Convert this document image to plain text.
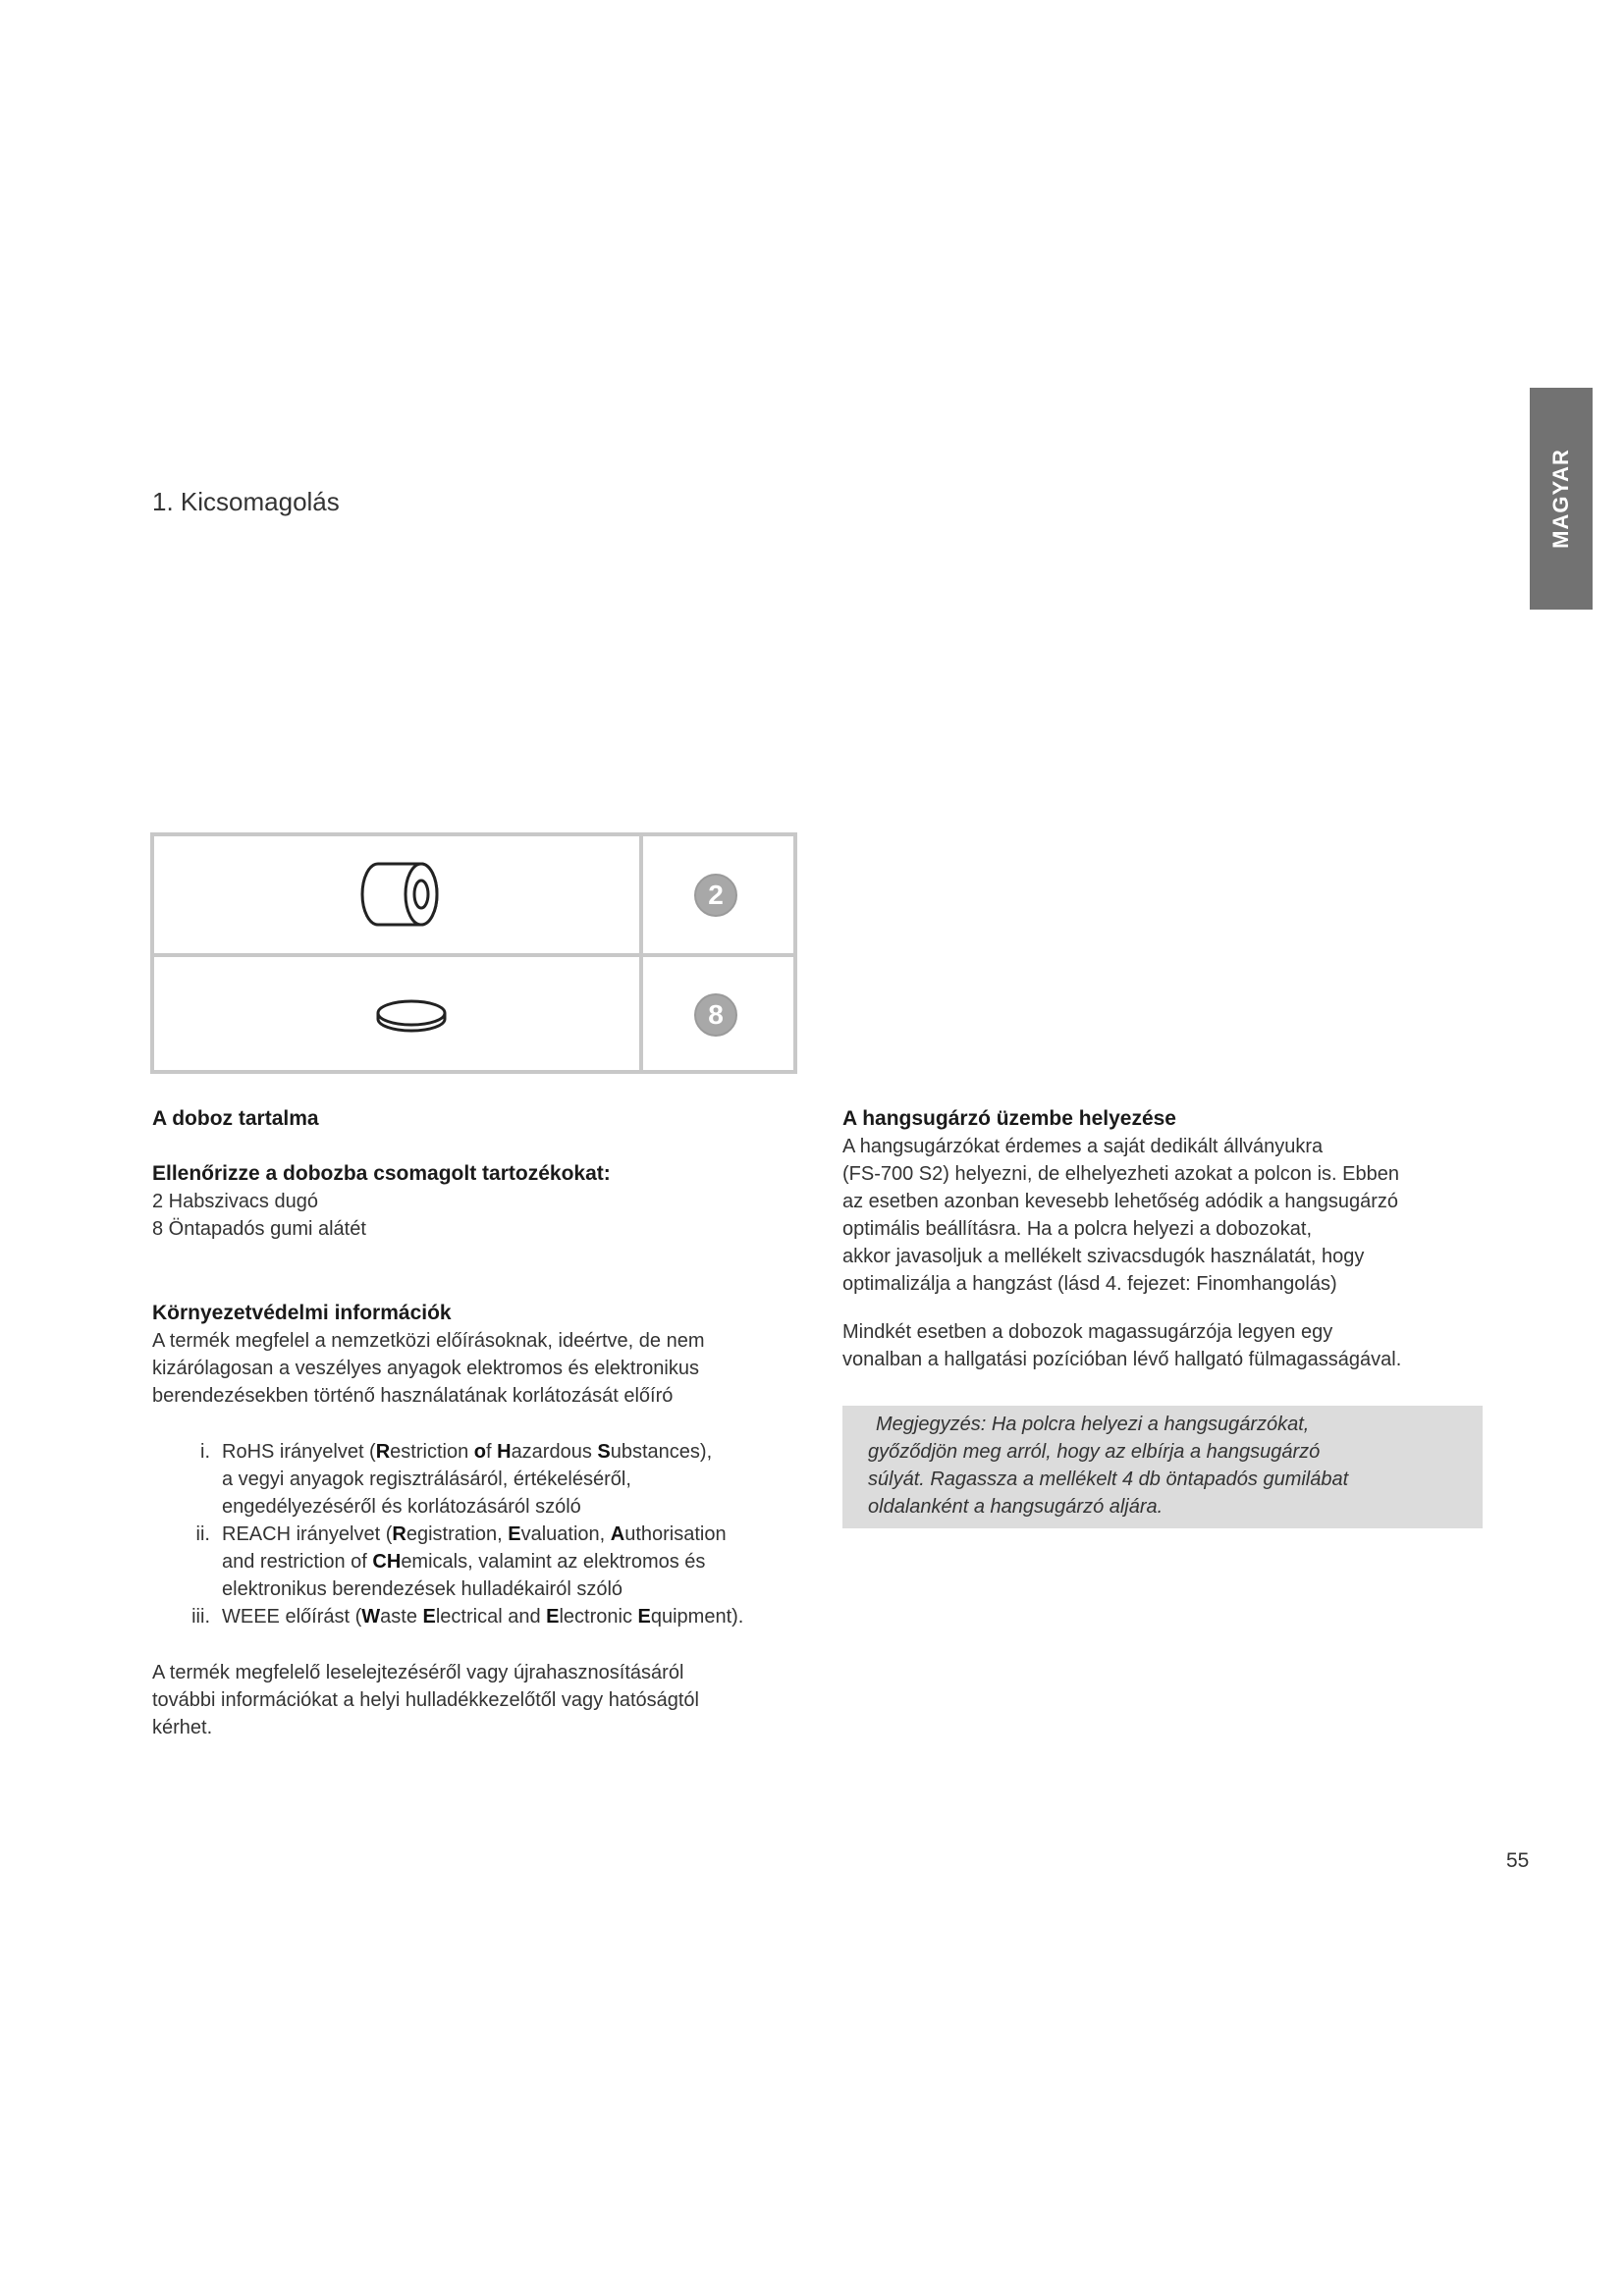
1. Kicsomagolás	MAGYAR
2
8
A doboz tartalma
Ellenőrizze a dobozba csomagolt tartozékokat:
2 Habszivacs dugó
8 Öntapadós gumi alátét
Környezetvédelmi információk
A termék megfelel a nemzetközi előírásoknak, ideértve, de nem
kizárólagosan a veszélyes anyagok elektromos és elektronikus
berendezésekben történő használatának korlátozását előíró
i. RoHS irányelvet (Restriction of Hazardous Substances),
a vegyi anyagok regisztrálásáról, értékeléséről,
engedélyezéséről és korlátozásáról szóló
ii. REACH irányelvet (Registration, Evaluation, Authorisation
and restriction of CHemicals, valamint az elektromos és
elektronikus berendezések hulladékairól szóló
iii. WEEE előírást (Waste Electrical and Electronic Equipment).
A termék megfelelő leselejtezéséről vagy újrahasznosításáról
további információkat a helyi hulladékkezelőtől vagy hatóságtól
kérhet.
A hangsugárzó üzembe helyezése
A hangsugárzókat érdemes a saját dedikált állványukra
(FS-700 S2) helyezni, de elhelyezheti azokat a polcon is. Ebben
az esetben azonban kevesebb lehetőség adódik a hangsugárzó
optimális beállításra. Ha a polcra helyezi a dobozokat,
akkor javasoljuk a mellékelt szivacsdugók használatát, hogy
optimalizálja a hangzást (lásd 4. fejezet: Finomhangolás)
Mindkét esetben a dobozok magassugárzója legyen egy
vonalban a hallgatási pozícióban lévő hallgató fülmagasságával.
Megjegyzés: Ha polcra helyezi a hangsugárzókat,
győződjön meg arról, hogy az elbírja a hangsugárzó
súlyát. Ragassza a mellékelt 4 db öntapadós gumilábat
oldalanként a hangsugárzó aljára.
55
